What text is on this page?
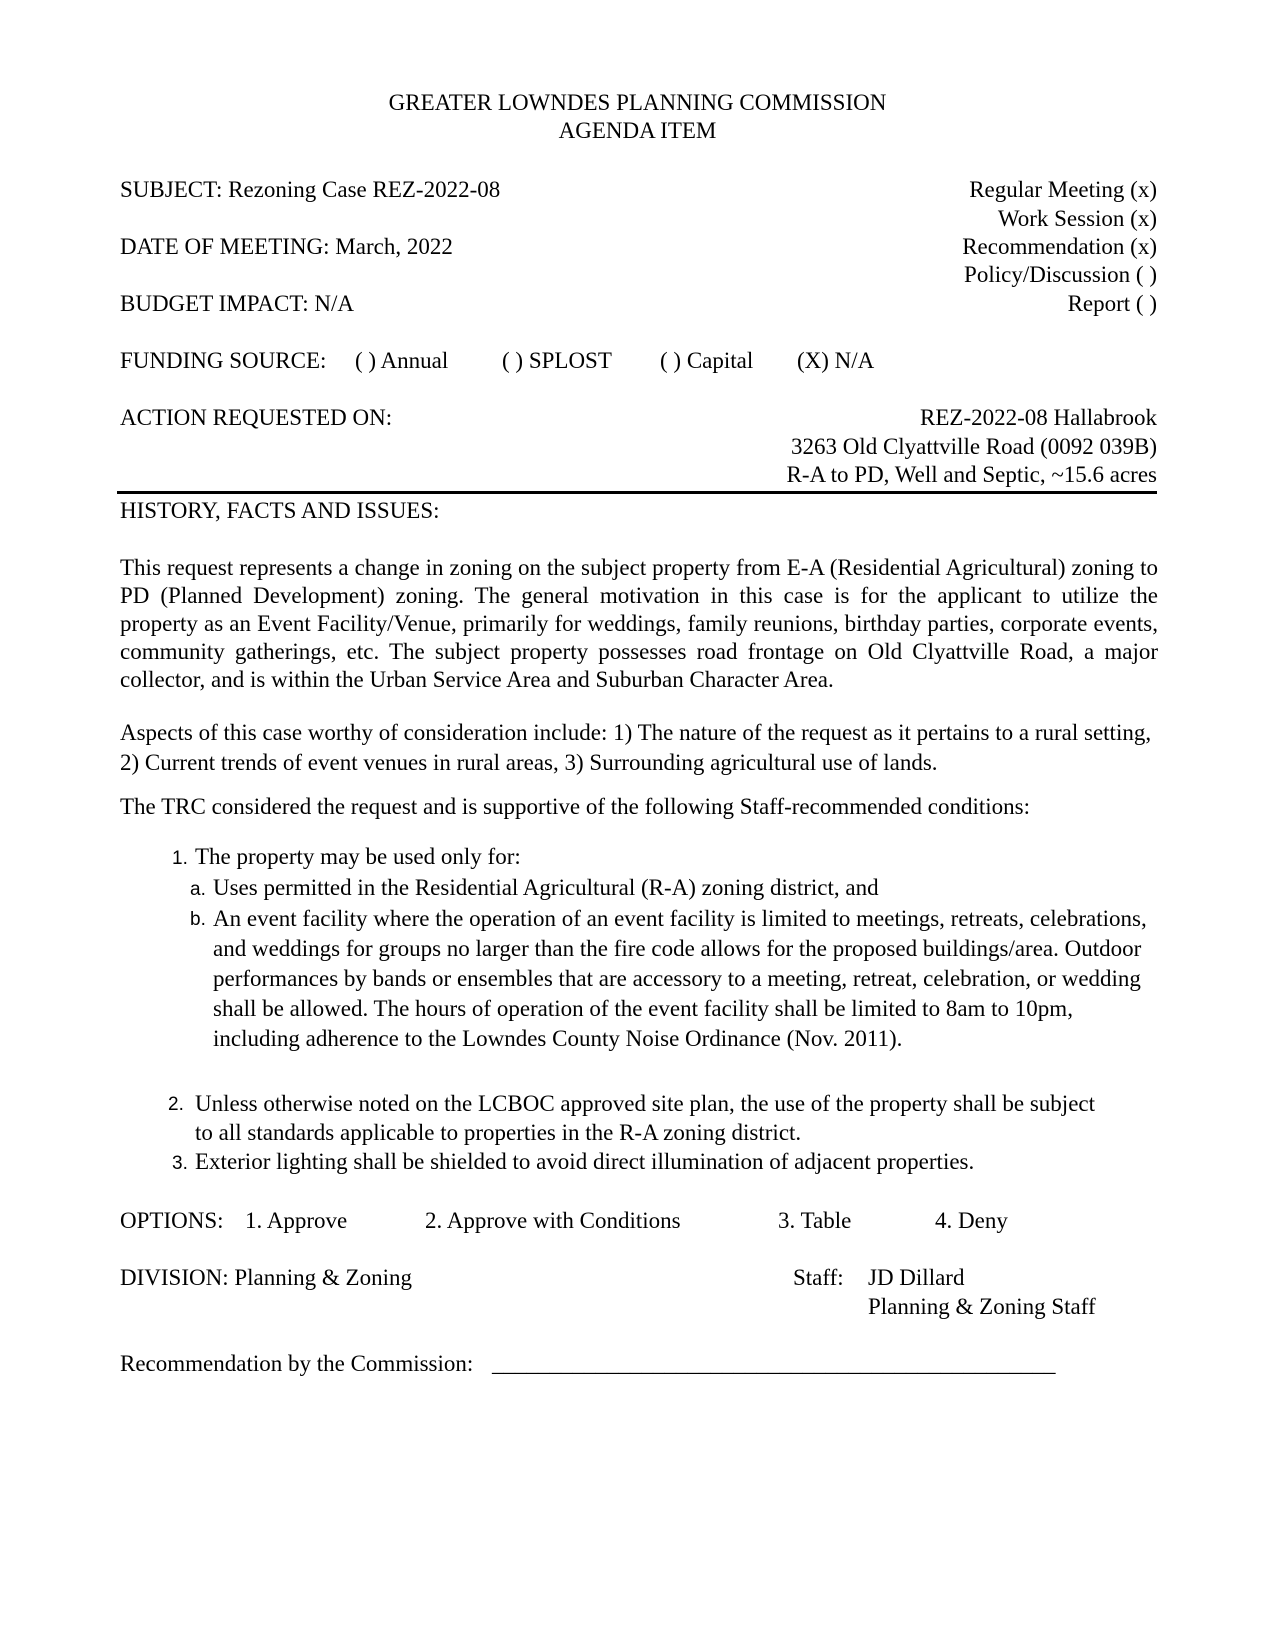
GREATER LOWNDES PLANNING COMMISSION
AGENDA ITEM
SUBJECT: Rezoning Case REZ-2022-08
DATE OF MEETING: March, 2022
BUDGET IMPACT: N/A
Regular Meeting (x)
Work Session (x)
Recommendation (x)
Policy/Discussion ( )
Report ( )
FUNDING SOURCE: ( ) Annual ( ) SPLOST ( ) Capital (X) N/A
ACTION REQUESTED ON:	REZ-2022-08 Hallabrook
3263 Old Clyattville Road (0092 039B)
R-A to PD, Well and Septic, ~15.6 acres
HISTORY, FACTS AND ISSUES:
This request represents a change in zoning on the subject property from E-A (Residential Agricultural) zoning to PD (Planned Development) zoning. The general motivation in this case is for the applicant to utilize the property as an Event Facility/Venue, primarily for weddings, family reunions, birthday parties, corporate events, community gatherings, etc. The subject property possesses road frontage on Old Clyattville Road, a major collector, and is within the Urban Service Area and Suburban Character Area.
Aspects of this case worthy of consideration include: 1) The nature of the request as it pertains to a rural setting, 2) Current trends of event venues in rural areas, 3) Surrounding agricultural use of lands.
The TRC considered the request and is supportive of the following Staff-recommended conditions:
1. The property may be used only for:
a. Uses permitted in the Residential Agricultural (R-A) zoning district, and
b. An event facility where the operation of an event facility is limited to meetings, retreats, celebrations, and weddings for groups no larger than the fire code allows for the proposed buildings/area. Outdoor performances by bands or ensembles that are accessory to a meeting, retreat, celebration, or wedding shall be allowed. The hours of operation of the event facility shall be limited to 8am to 10pm, including adherence to the Lowndes County Noise Ordinance (Nov. 2011).
2. Unless otherwise noted on the LCBOC approved site plan, the use of the property shall be subject to all standards applicable to properties in the R-A zoning district.
3. Exterior lighting shall be shielded to avoid direct illumination of adjacent properties.
OPTIONS: 1. Approve	2. Approve with Conditions	3. Table	4. Deny
DIVISION: Planning & Zoning	Staff: JD Dillard
Planning & Zoning Staff
Recommendation by the Commission: _________________________________________________
